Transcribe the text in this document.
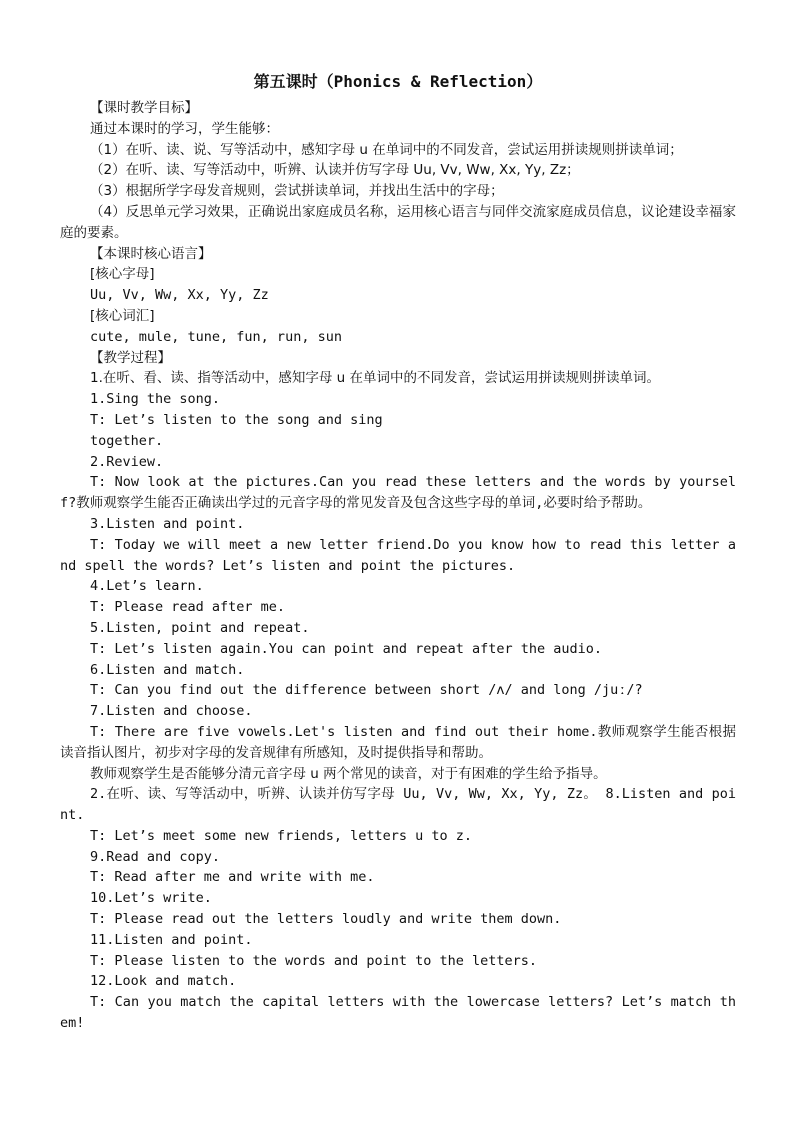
第五课时（Phonics & Reflection）

【课时教学目标】

通过本课时的学习，学生能够：

（1）在听、读、说、写等活动中，感知字母 u 在单词中的不同发音，尝试运用拼读规则拼读单词；

（2）在听、读、写等活动中，听辨、认读并仿写字母 Uu, Vv, Ww, Xx, Yy, Zz；

（3）根据所学字母发音规则，尝试拼读单词，并找出生活中的字母；

（4）反思单元学习效果，正确说出家庭成员名称，运用核心语言与同伴交流家庭成员信息，议论建设幸福家庭的要素。

【本课时核心语言】

[核心字母]

Uu, Vv, Ww, Xx, Yy, Zz

[核心词汇]

cute, mule, tune, fun, run, sun

【教学过程】

1.在听、看、读、指等活动中，感知字母 u 在单词中的不同发音，尝试运用拼读规则拼读单词。

1.Sing the song.

T: Let’s listen to the song and sing

together.

2.Review.

T: Now look at the pictures.Can you read these letters and the words by yourself?教师观察学生能否正确读出学过的元音字母的常见发音及包含这些字母的单词,必要时给予帮助。

3.Listen and point.

T: Today we will meet a new letter friend.Do you know how to read this letter and spell the words? Let’s listen and point the pictures.

4.Let’s learn.

T: Please read after me.

5.Listen, point and repeat.

T: Let’s listen again.You can point and repeat after the audio.

6.Listen and match.

T: Can you find out the difference between short /ʌ/ and long /juː/?

7.Listen and choose.

T: There are five vowels.Let's listen and find out their home.教师观察学生能否根据读音指认图片，初步对字母的发音规律有所感知，及时提供指导和帮助。

教师观察学生是否能够分清元音字母 u 两个常见的读音，对于有困难的学生给予指导。

2.在听、读、写等活动中，听辨、认读并仿写字母 Uu, Vv, Ww, Xx, Yy, Zz。 8.Listen and point.

T: Let’s meet some new friends, letters u to z.

9.Read and copy.

T: Read after me and write with me.

10.Let’s write.

T: Please read out the letters loudly and write them down.

11.Listen and point.

T: Please listen to the words and point to the letters.

12.Look and match.

T: Can you match the capital letters with the lowercase letters? Let’s match them!
